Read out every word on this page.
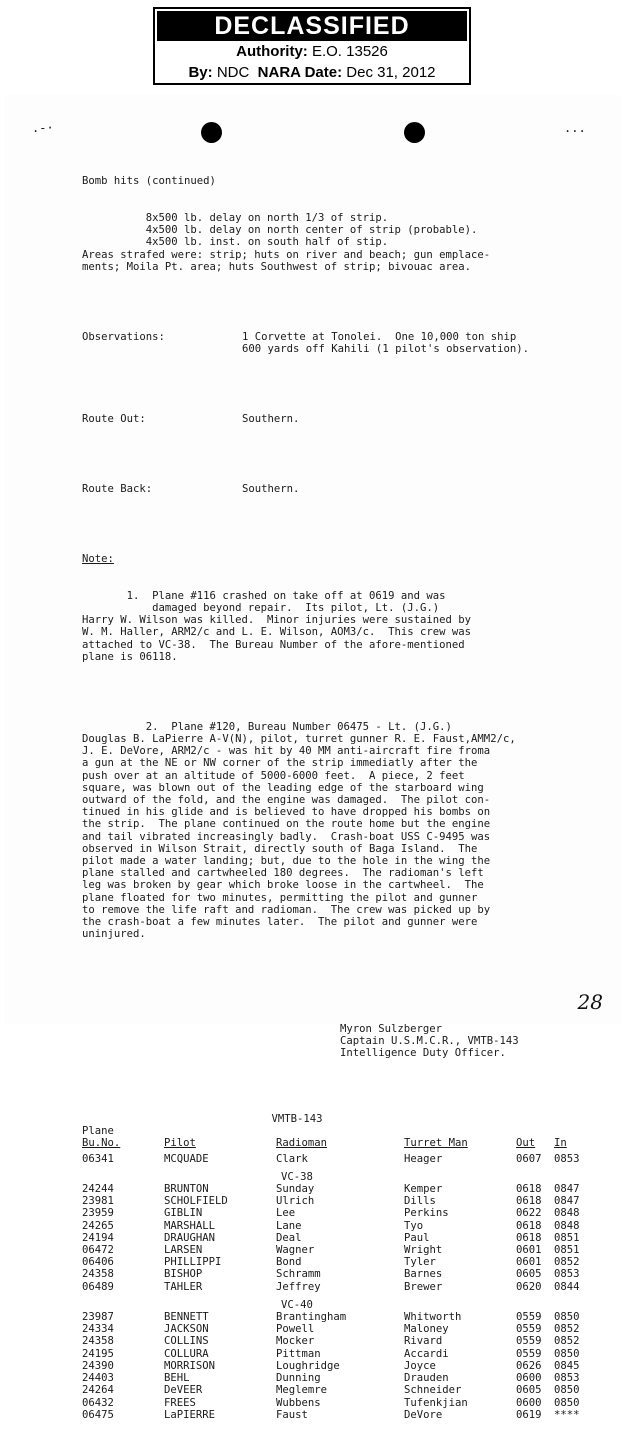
DECLASSIFIED
Authority: E.O. 13526
By: NDC NARA Date: Dec 31, 2012
.-·	...

Bomb hits (continued)

8x500 lb. delay on north 1/3 of strip.
4x500 lb. delay on north center of strip (probable).
4x500 lb. inst. on south half of stip.
Areas strafed were: strip; huts on river and beach; gun emplace-
ments; Moila Pt. area; huts Southwest of strip; bivouac area.

Observations:	1 Corvette at Tonolei.  One 10,000 ton ship
600 yards off Kahili (1 pilot's observation).

Route Out:	Southern.

Route Back:	Southern.

Note:

1.  Plane #116 crashed on take off at 0619 and was
damaged beyond repair.  Its pilot, Lt. (J.G.)
Harry W. Wilson was killed.  Minor injuries were sustained by
W. M. Haller, ARM2/c and L. E. Wilson, AOM3/c.  This crew was
attached to VC-38.  The Bureau Number of the afore-mentioned
plane is 06118.

2.  Plane #120, Bureau Number 06475 - Lt. (J.G.)
Douglas B. LaPierre A-V(N), pilot, turret gunner R. E. Faust,AMM2/c,
J. E. DeVore, ARM2/c - was hit by 40 MM anti-aircraft fire froma
a gun at the NE or NW corner of the strip immediatly after the
push over at an altitude of 5000-6000 feet.  A piece, 2 feet
square, was blown out of the leading edge of the starboard wing
outward of the fold, and the engine was damaged.  The pilot con-
tinued in his glide and is believed to have dropped his bombs on
the strip.  The plane continued on the route home but the engine
and tail vibrated increasingly badly.  Crash-boat USS C-9495 was
observed in Wilson Strait, directly south of Baga Island.  The
pilot made a water landing; but, due to the hole in the wing the
plane stalled and cartwheeled 180 degrees.  The radioman's left
leg was broken by gear which broke loose in the cartwheel.  The
plane floated for two minutes, permitting the pilot and gunner
to remove the life raft and radioman.  The crew was picked up by
the crash-boat a few minutes later.  The pilot and gunner were
uninjured.

Myron Sulzberger
Captain U.S.M.C.R., VMTB-143
Intelligence Duty Officer.

VMTB-143
Plane
Bu.No.	Pilot	Radioman	Turret Man	Out	In
06341	MCQUADE	Clark	Heager	0607	0853
VC-38
24244	BRUNTON	Sunday	Kemper	0618	0847
23981	SCHOLFIELD	Ulrich	Dills	0618	0847
23959	GIBLIN	Lee	Perkins	0622	0848
24265	MARSHALL	Lane	Tyo	0618	0848
24194	DRAUGHAN	Deal	Paul	0618	0851
06472	LARSEN	Wagner	Wright	0601	0851
06406	PHILLIPPI	Bond	Tyler	0601	0852
24358	BISHOP	Schramm	Barnes	0605	0853
06489	TAHLER	Jeffrey	Brewer	0620	0844
VC-40
23987	BENNETT	Brantingham	Whitworth	0559	0850
24334	JACKSON	Powell	Maloney	0559	0852
24358	COLLINS	Mocker	Rivard	0559	0852
24195	COLLURA	Pittman	Accardi	0559	0850
24390	MORRISON	Loughridge	Joyce	0626	0845
24403	BEHL	Dunning	Drauden	0600	0853
24264	DeVEER	Meglemre	Schneider	0605	0850
06432	FREES	Wubbens	Tufenkjian	0600	0850
06475	LaPIERRE	Faust	DeVore	0619	****

28
